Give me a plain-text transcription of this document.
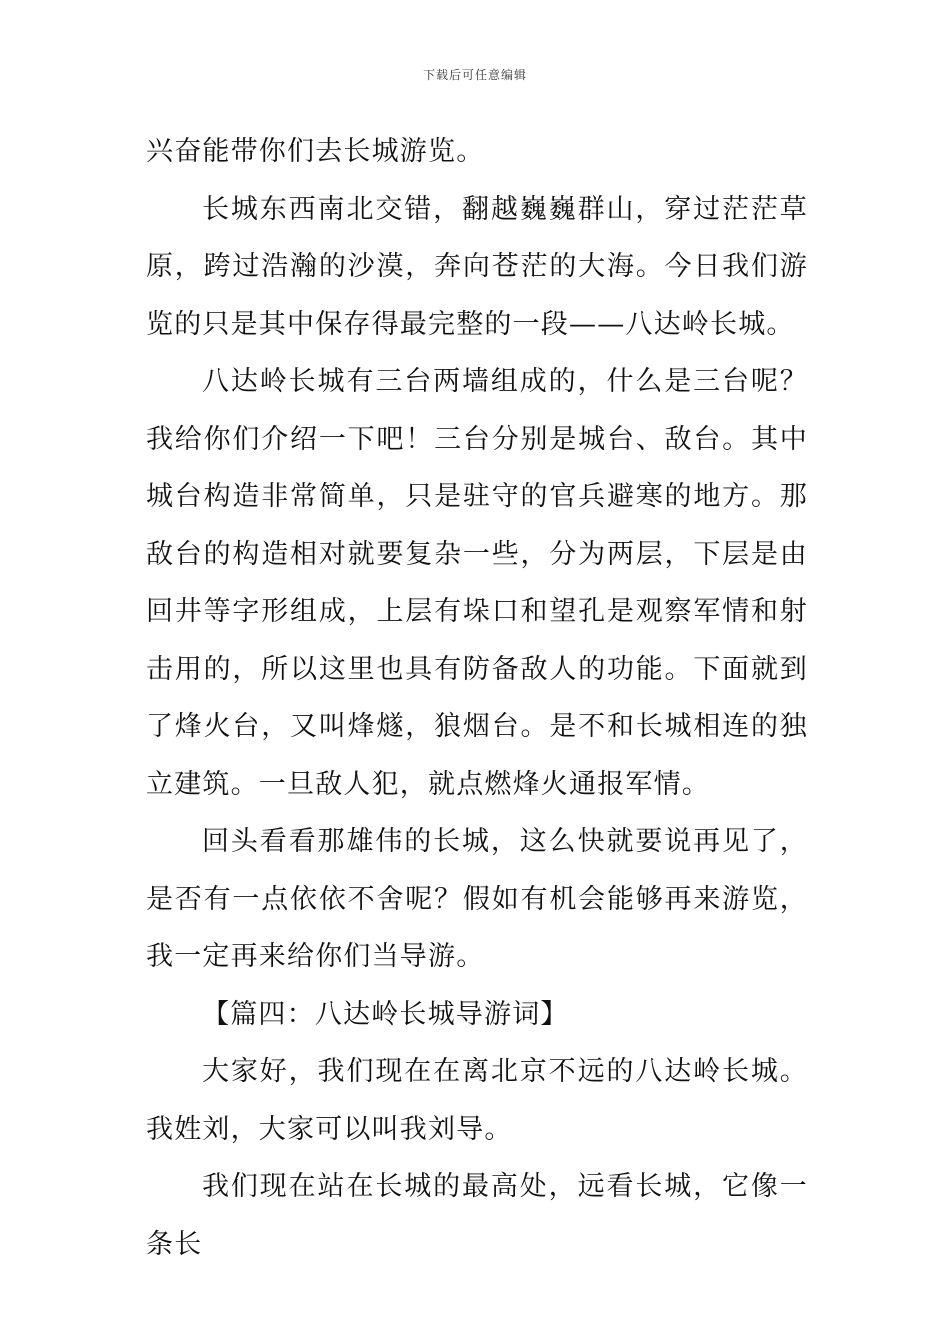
下载后可任意编辑

兴奋能带你们去长城游览。

长城东西南北交错，翻越巍巍群山，穿过茫茫草原，跨过浩瀚的沙漠，奔向苍茫的大海。今日我们游览的只是其中保存得最完整的一段——八达岭长城。

八达岭长城有三台两墙组成的，什么是三台呢？我给你们介绍一下吧！三台分别是城台、敌台。其中城台构造非常简单，只是驻守的官兵避寒的地方。那敌台的构造相对就要复杂一些，分为两层，下层是由回井等字形组成，上层有垛口和望孔是观察军情和射击用的，所以这里也具有防备敌人的功能。下面就到了烽火台，又叫烽燧，狼烟台。是不和长城相连的独立建筑。一旦敌人犯，就点燃烽火通报军情。

回头看看那雄伟的长城，这么快就要说再见了，是否有一点依依不舍呢？假如有机会能够再来游览，我一定再来给你们当导游。

【篇四：八达岭长城导游词】

大家好，我们现在在离北京不远的八达岭长城。我姓刘，大家可以叫我刘导。

我们现在站在长城的最高处，远看长城，它像一条长
